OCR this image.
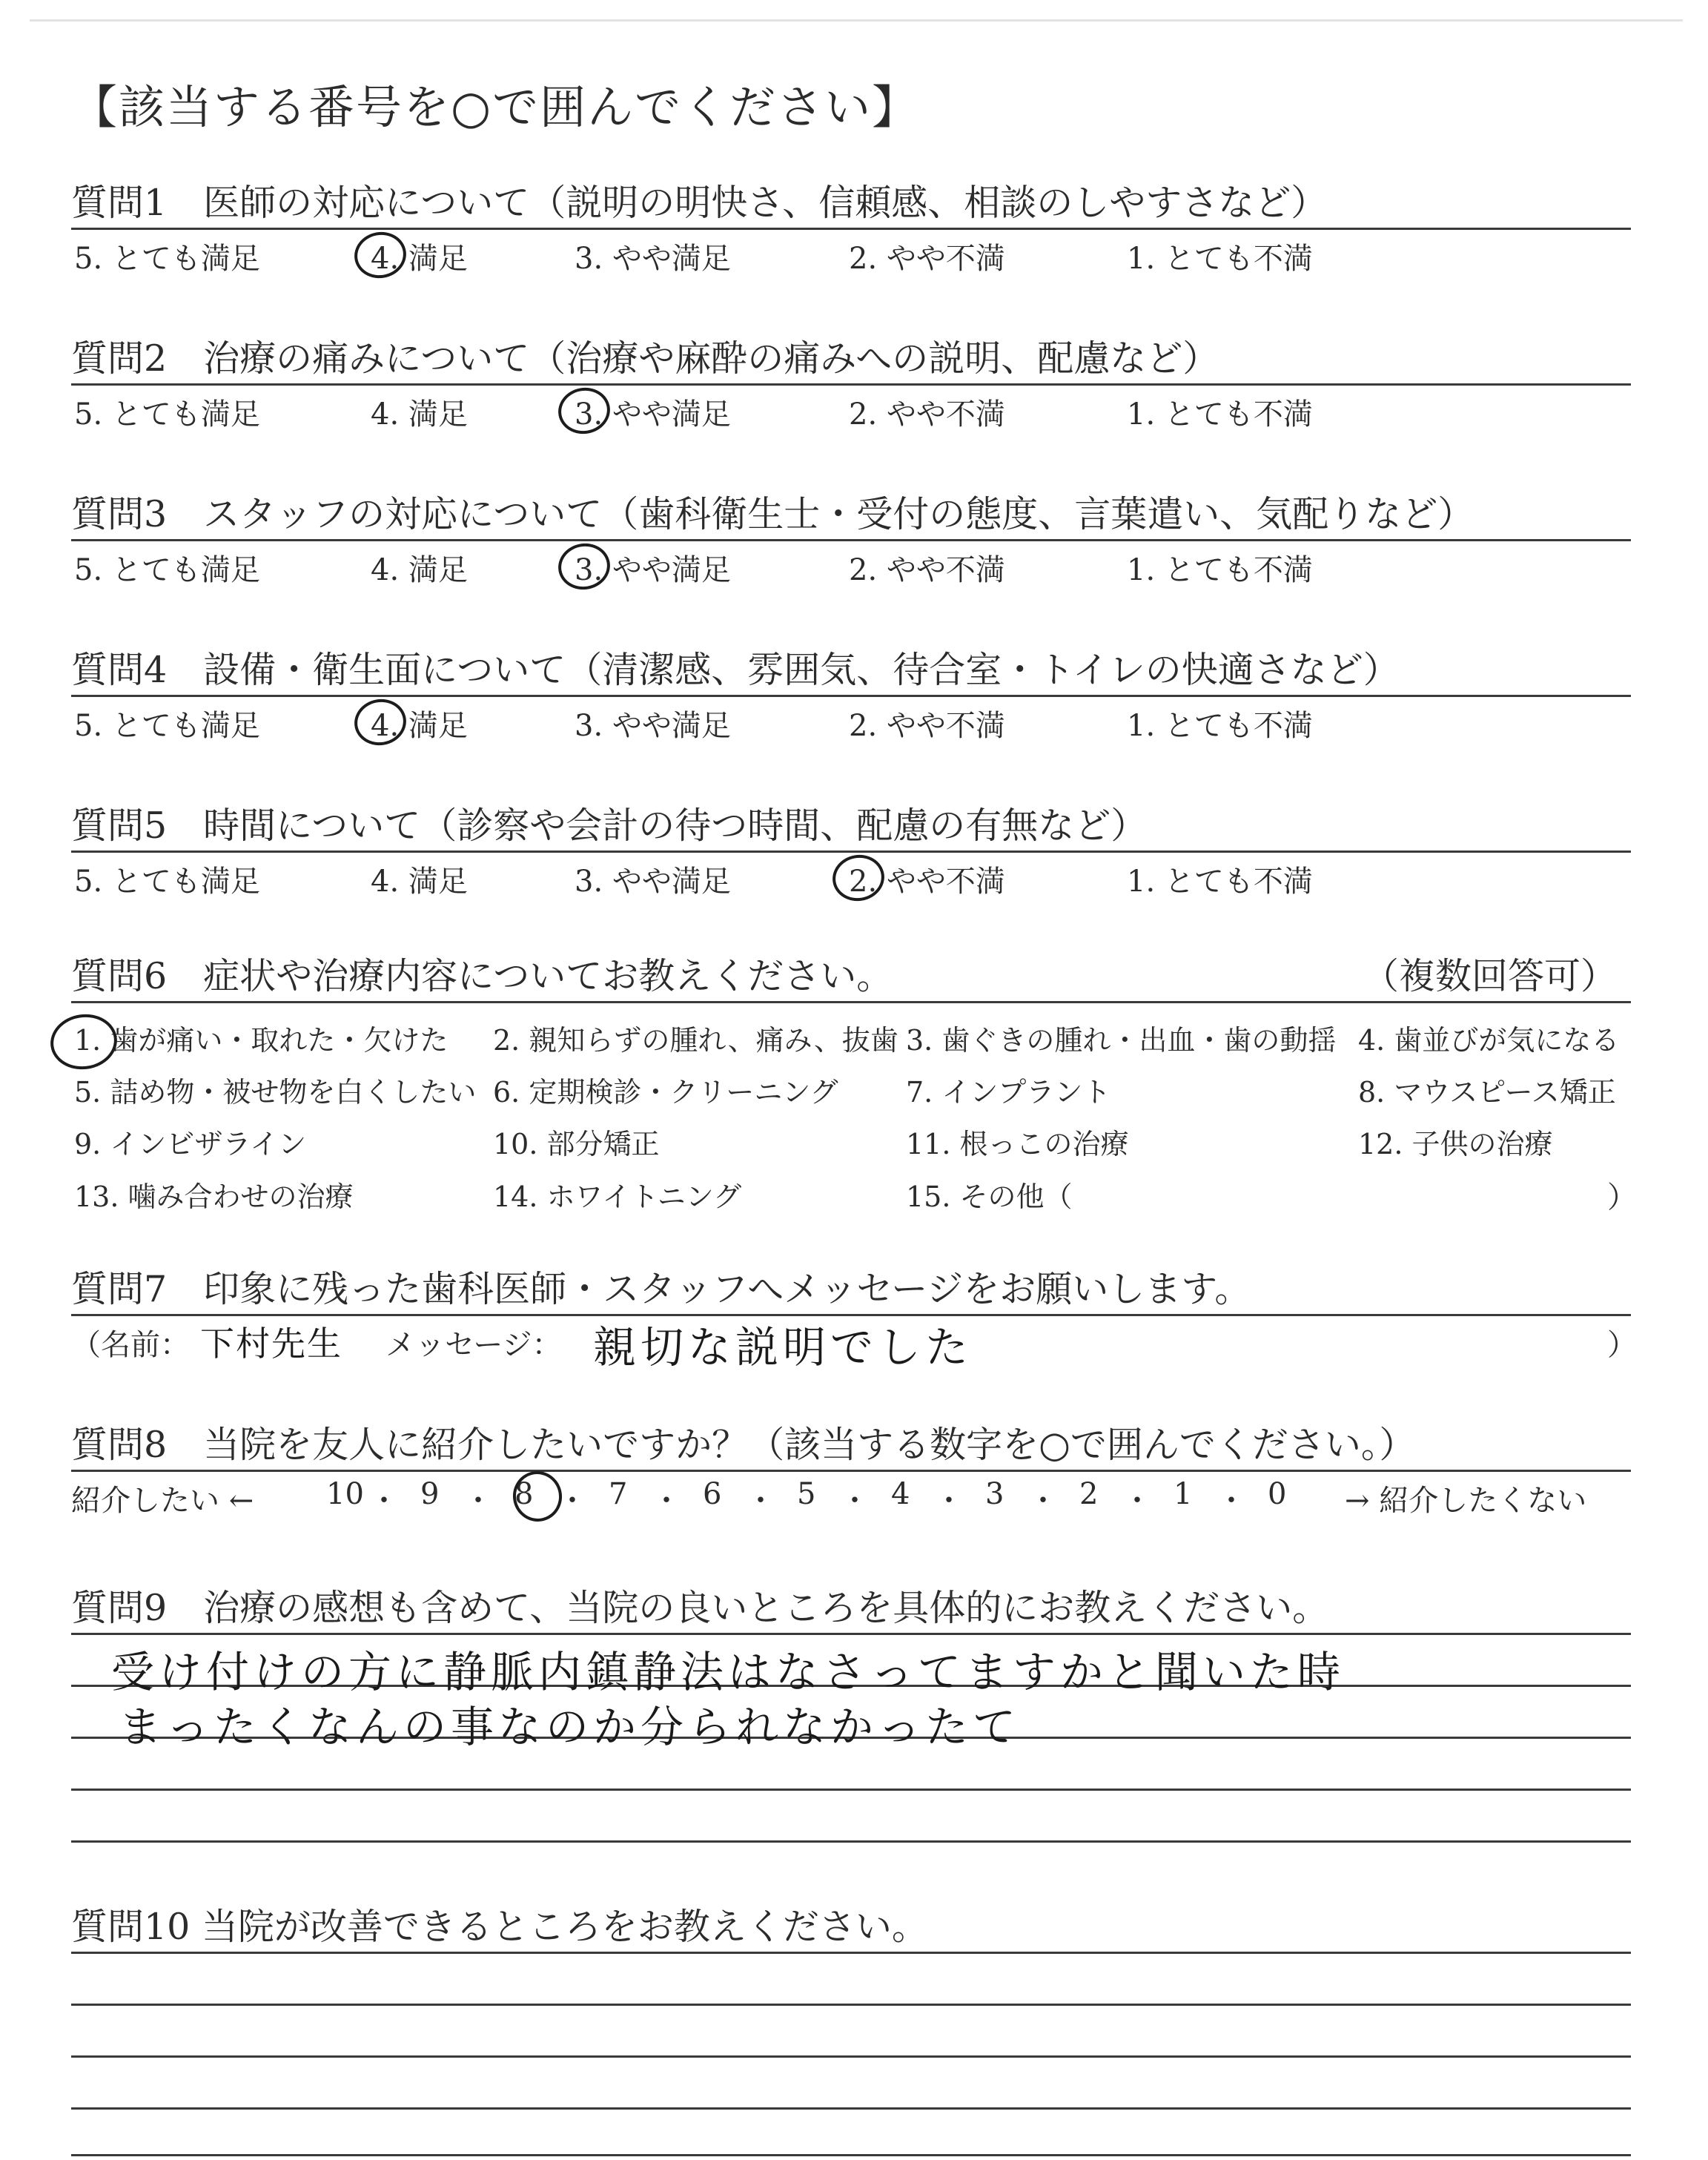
【該当する番号を○で囲んでください】
質問1　医師の対応について（説明の明快さ、信頼感、相談のしやすさなど）
5. とても満足	4. 満足	3. やや満足	2. やや不満	1. とても不満
質問2　治療の痛みについて（治療や麻酔の痛みへの説明、配慮など）
5. とても満足	4. 満足	3. やや満足	2. やや不満	1. とても不満
質問3　スタッフの対応について（歯科衛生士・受付の態度、言葉遣い、気配りなど）
5. とても満足	4. 満足	3. やや満足	2. やや不満	1. とても不満
質問4　設備・衛生面について（清潔感、雰囲気、待合室・トイレの快適さなど）
5. とても満足	4. 満足	3. やや満足	2. やや不満	1. とても不満
質問5　時間について（診察や会計の待つ時間、配慮の有無など）
5. とても満足	4. 満足	3. やや満足	2. やや不満	1. とても不満
質問6　症状や治療内容についてお教えください。	（複数回答可）
1. 歯が痛い・取れた・欠けた 2. 親知らずの腫れ、痛み、抜歯 3. 歯ぐきの腫れ・出血・歯の動揺 4. 歯並びが気になる
5. 詰め物・被せ物を白くしたい 6. 定期検診・クリーニング 7. インプラント	8. マウスピース矯正
9. インビザライン	10. 部分矯正	11. 根っこの治療	12. 子供の治療
13. 噛み合わせの治療	14. ホワイトニング	15. その他（	）
質問7　印象に残った歯科医師・スタッフへメッセージをお願いします。
（名前： 下村先生 メッセージ： 親切な説明でした	）
質問8　当院を友人に紹介したいですか？（該当する数字を○で囲んでください。）
紹介したい ←	→ 紹介したくない
10 ・ 9 ・ 8 ・ 7 ・ 6 ・ 5 ・ 4 ・ 3 ・ 2 ・ 1 ・ 0
質問9　治療の感想も含めて、当院の良いところを具体的にお教えください。
受け付けの方に静脈内鎮静法はなさってますかと聞いた時
まったくなんの事なのか分られなかったて
質問10 当院が改善できるところをお教えください。
